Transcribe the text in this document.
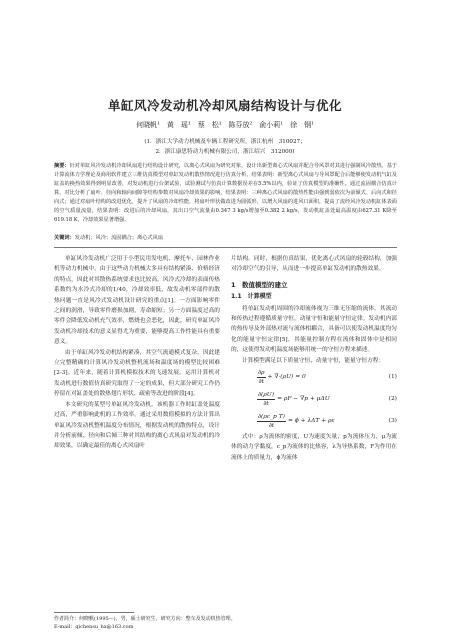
单缸风冷发动机冷却风扇结构设计与优化
何晓帆¹　黄　瑶¹　蔡　松¹　陈芬放²　俞小莉¹　徐　钢¹
(1．浙江大学动力机械及车辆工程研究所，浙江杭州　310027；
2．浙江康思特动力机械有限公司，浙江绍兴　312000)
摘要：针对单缸风冷发动机冷却风扇进行结构设计研究，以离心式风扇为研究对象，设计出新型离心式风扇并配合导风罩对其进行强制风冷散热。基于计算流体力学理论及商用软件建立三维仿真模型对单缸发动机散热情况进行仿真分析，结果表明：新型离心式风扇与导风罩配合后能够使发动机气缸及缸盖的换热效果得到明显改善，对发动机进行台架试验，试验测试与仿真计算数据误差在5.5%以内，验证了仿真模型的准确性。通过流固耦合仿真计算，对比分析了扇叶、径向和轴向间隙等结构参数对风扇冷却效果的影响，结果表明：三种离心式风扇的散热性能由强到弱依次为前倾式、后向式和径向式；通过对扇叶结构的改进优化，提升了风扇的冷却性能，将扇叶形状做改进为圆弧形，以增大风扇的进风口面积，提高了流经风冷发动机缸体表面的空气质量流量，结果表明：改进后的冷却风扇，其出口空气流量由0.347 3 kg/s增加至0.382 2 kg/s，发动机缸盖处最高温度由627.31 K降至619.18 K，冷却效果显著增强。
关键词：发动机；风冷；流固耦合；离心式风扇

单缸风冷发动机广泛用于小型民用发电机、摩托车、园林作业机等动力机械中。由于这些动力机械大多具有结构紧凑、价格经济的特点，因此对其散热系统要求也比较高。风冷式冷却的表面传热系数约为水冷式冷却的1/40，冷却效率低，故发动机零部件的散热问题一直是风冷式发动机设计研究的重点[1]。一方面影响零件之间的润滑，导致零件磨损加剧，寿命缩短；另一方面温度过高的零件会降低发动机充气效率，燃烧也会恶化，因此，研究单缸风冷发动机冷却技术的意义显得尤为重要，能够提高工作性能具有重要意义。

由于单缸风冷发动机结构紧凑，其空气流通模式复杂，因此建立完整精确的计算风冷发动机整机流场和温度场的模型比较困难[2-3]。近年来，随着计算机模拟技术的飞速发展，运用计算机对发动机进行数值仿真研究取得了一定的成果，但大部分研究工作仍停留在对缸盖处的散热翅片形状、疏密等改进的阶段[4]。

本文研究的某型号单缸风冷发动机，该机器工作时缸盖处温度过高，严重影响此机的工作效率。通过采用数值模拟的方法计算出单缸风冷发动机整机温度分布情况，根据发动机的散热特点，设计并分析前倾、径向和后倾三种对其结构的离心式风扇对发动机的冷却效果，以确定最佳的离心式风扇叶

片结构。同时，根据仿真结果，优化离心式风扇的轮毂结构，加强对冷却空气的引导，从而进一步提高单缸发动机的散热效果。

1　数值模型的建立
1.1　计算模型

将单缸发动机周围的冷却流体视为三维无压缩的流体，其流动和传热过程遵循质量守恒，动量守恒和能量守恒定律。发动机内部的热传导及外部热对流与流体相耦合，具备可以使发动机温度均匀化的能量守恒定律[5]，其能量控制方程在流体和固体中是相同的，这使得发动机温度场能够用统一的守恒方程来描述。

计算模型满足以下质量守恒、动量守恒，能量守恒方程：

$\frac{\partial\rho}{\partial t} + \nabla\cdot(\rho U) = 0$	(1)
$\frac{\partial(\rho U)}{\partial t} = \rho F - \nabla p + \mu\Delta U$	(2)
$\frac{\text{∂(ρc\_p T)}}{\partial t} = \phi + \lambda\Delta T + \rho\varepsilon$	(3)

式中：ρ为流体的密度，U为速度矢量，p为流体压力，μ为流体的动力学黏度，c_p为流体的比热容，λ为导热系数，F为作用在流体上的质量力，ϕ为流体

作者简介：何晓帆(1995—)，男，硕士研究生，研究方向：整车及发动机热管理。
E-mail：qichensu_hx@163.com
